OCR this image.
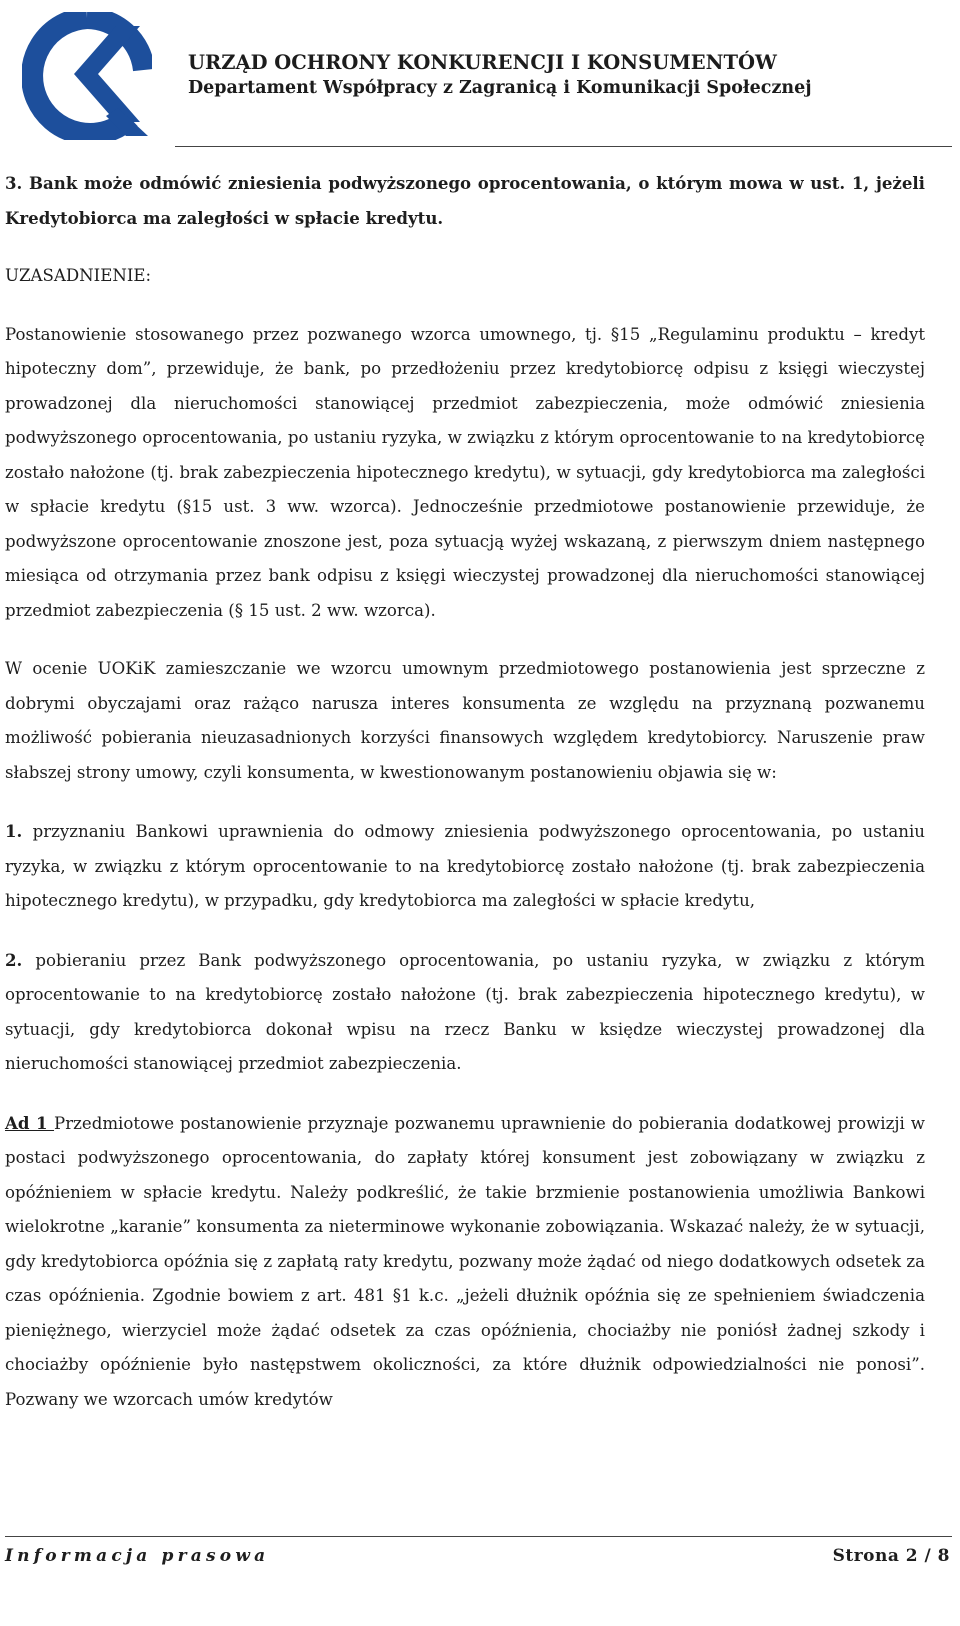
URZĄD OCHRONY KONKURENCJI I KONSUMENTÓW
Departament Współpracy z Zagranicą i Komunikacji Społecznej

3. Bank może odmówić zniesienia podwyższonego oprocentowania, o którym mowa w ust. 1, jeżeli Kredytobiorca ma zaległości w spłacie kredytu.

UZASADNIENIE:

Postanowienie stosowanego przez pozwanego wzorca umownego, tj. §15 „Regulaminu produktu – kredyt hipoteczny dom”, przewiduje, że bank, po przedłożeniu przez kredytobiorcę odpisu z księgi wieczystej prowadzonej dla nieruchomości stanowiącej przedmiot zabezpieczenia, może odmówić zniesienia podwyższonego oprocentowania, po ustaniu ryzyka, w związku z którym oprocentowanie to na kredytobiorcę zostało nałożone (tj. brak zabezpieczenia hipotecznego kredytu), w sytuacji, gdy kredytobiorca ma zaległości w spłacie kredytu (§15 ust. 3 ww. wzorca). Jednocześnie przedmiotowe postanowienie przewiduje, że podwyższone oprocentowanie znoszone jest, poza sytuacją wyżej wskazaną, z pierwszym dniem następnego miesiąca od otrzymania przez bank odpisu z księgi wieczystej prowadzonej dla nieruchomości stanowiącej przedmiot zabezpieczenia (§ 15 ust. 2 ww. wzorca).

W ocenie UOKiK zamieszczanie we wzorcu umownym przedmiotowego postanowienia jest sprzeczne z dobrymi obyczajami oraz rażąco narusza interes konsumenta ze względu na przyznaną pozwanemu możliwość pobierania nieuzasadnionych korzyści finansowych względem kredytobiorcy. Naruszenie praw słabszej strony umowy, czyli konsumenta, w kwestionowanym postanowieniu objawia się w:

1. przyznaniu Bankowi uprawnienia do odmowy zniesienia podwyższonego oprocentowania, po ustaniu ryzyka, w związku z którym oprocentowanie to na kredytobiorcę zostało nałożone (tj. brak zabezpieczenia hipotecznego kredytu), w przypadku, gdy kredytobiorca ma zaległości w spłacie kredytu,

2. pobieraniu przez Bank podwyższonego oprocentowania, po ustaniu ryzyka, w związku z którym oprocentowanie to na kredytobiorcę zostało nałożone (tj. brak zabezpieczenia hipotecznego kredytu), w sytuacji, gdy kredytobiorca dokonał wpisu na rzecz Banku w księdze wieczystej prowadzonej dla nieruchomości stanowiącej przedmiot zabezpieczenia.

Ad 1 Przedmiotowe postanowienie przyznaje pozwanemu uprawnienie do pobierania dodatkowej prowizji w postaci podwyższonego oprocentowania, do zapłaty której konsument jest zobowiązany w związku z opóźnieniem w spłacie kredytu. Należy podkreślić, że takie brzmienie postanowienia umożliwia Bankowi wielokrotne „karanie” konsumenta za nieterminowe wykonanie zobowiązania. Wskazać należy, że w sytuacji, gdy kredytobiorca opóźnia się z zapłatą raty kredytu, pozwany może żądać od niego dodatkowych odsetek za czas opóźnienia. Zgodnie bowiem z art. 481 §1 k.c. „jeżeli dłużnik opóźnia się ze spełnieniem świadczenia pieniężnego, wierzyciel może żądać odsetek za czas opóźnienia, chociażby nie poniósł żadnej szkody i chociażby opóźnienie było następstwem okoliczności, za które dłużnik odpowiedzialności nie ponosi”. Pozwany we wzorcach umów kredytów

Informacja prasowa	Strona 2 / 8
